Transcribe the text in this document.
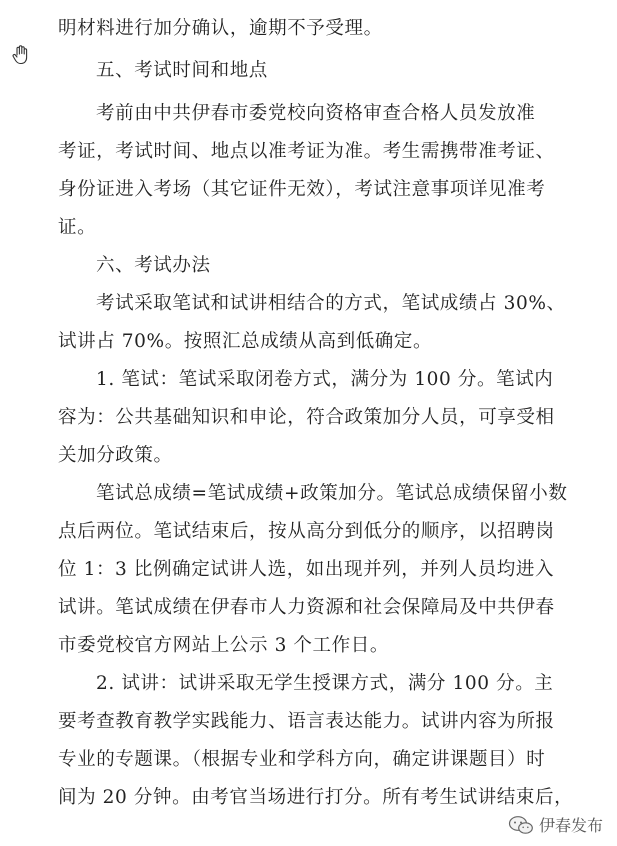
明材料进行加分确认，逾期不予受理。
五、考试时间和地点
考前由中共伊春市委党校向资格审查合格人员发放准
考证，考试时间、地点以准考证为准。考生需携带准考证、
身份证进入考场（其它证件无效），考试注意事项详见准考
证。
六、考试办法
考试采取笔试和试讲相结合的方式，笔试成绩占 30%、
试讲占 70%。按照汇总成绩从高到低确定。
1. 笔试：笔试采取闭卷方式，满分为 100 分。笔试内
容为：公共基础知识和申论，符合政策加分人员，可享受相
关加分政策。
笔试总成绩=笔试成绩+政策加分。笔试总成绩保留小数
点后两位。笔试结束后，按从高分到低分的顺序，以招聘岗
位 1：3 比例确定试讲人选，如出现并列，并列人员均进入
试讲。笔试成绩在伊春市人力资源和社会保障局及中共伊春
市委党校官方网站上公示 3 个工作日。
2. 试讲：试讲采取无学生授课方式，满分 100 分。主
要考查教育教学实践能力、语言表达能力。试讲内容为所报
专业的专题课。（根据专业和学科方向，确定讲课题目）时
间为 20 分钟。由考官当场进行打分。所有考生试讲结束后，
伊春发布
